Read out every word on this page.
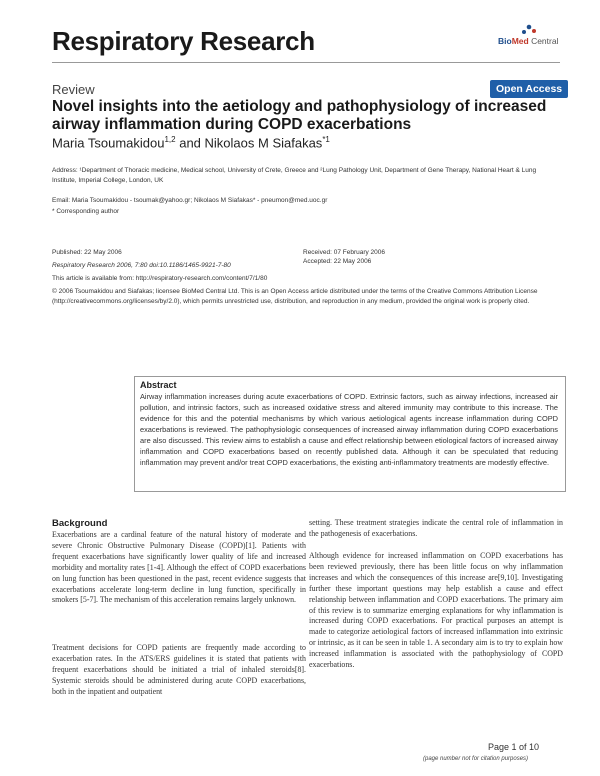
Respiratory Research	BioMed Central
Review	Open Access
Novel insights into the aetiology and pathophysiology of increased airway inflammation during COPD exacerbations
Maria Tsoumakidou$^{1,2}$ and Nikolaos M Siafakas$^{*1}$
Address: ¹Department of Thoracic medicine, Medical school, University of Crete, Greece and ²Lung Pathology Unit, Department of Gene Therapy, National Heart & Lung Institute, Imperial College, London, UK
Email: Maria Tsoumakidou - tsoumak@yahoo.gr; Nikolaos M Siafakas* - pneumon@med.uoc.gr
* Corresponding author
Published: 22 May 2006
Respiratory Research 2006, 7:80 doi:10.1186/1465-9921-7-80
This article is available from: http://respiratory-research.com/content/7/1/80
Received: 07 February 2006
Accepted: 22 May 2006
© 2006 Tsoumakidou and Siafakas; licensee BioMed Central Ltd. This is an Open Access article distributed under the terms of the Creative Commons Attribution License (http://creativecommons.org/licenses/by/2.0), which permits unrestricted use, distribution, and reproduction in any medium, provided the original work is properly cited.
Abstract
Airway inflammation increases during acute exacerbations of COPD. Extrinsic factors, such as airway infections, increased air pollution, and intrinsic factors, such as increased oxidative stress and altered immunity may contribute to this increase. The evidence for this and the potential mechanisms by which various aetiological agents increase inflammation during COPD exacerbations is reviewed. The pathophysiologic consequences of increased airway inflammation during COPD exacerbations are also discussed. This review aims to establish a cause and effect relationship between etiological factors of increased airway inflammation and COPD exacerbations based on recently published data. Although it can be speculated that reducing inflammation may prevent and/or treat COPD exacerbations, the existing anti-inflammatory treatments are modestly effective.
Background
Exacerbations are a cardinal feature of the natural history of moderate and severe Chronic Obstructive Pulmonary Disease (COPD)[1]. Patients with frequent exacerbations have significantly lower quality of life and increased morbidity and mortality rates [1-4]. Although the effect of COPD exacerbations on lung function has been questioned in the past, recent evidence suggests that exacerbations accelerate long-term decline in lung function, specifically in smokers [5-7]. The mechanism of this acceleration remains largely unknown.
Treatment decisions for COPD patients are frequently made according to exacerbation rates. In the ATS/ERS guidelines it is stated that patients with frequent exacerbations should be initiated a trial of inhaled steroids[8]. Systemic steroids should be administered during acute COPD exacerbations, both in the inpatient and outpatient
setting. These treatment strategies indicate the central role of inflammation in the pathogenesis of exacerbations.
Although evidence for increased inflammation on COPD exacerbations has been reviewed previously, there has been little focus on why inflammation increases and which the consequences of this increase are[9,10]. Investigating further these important questions may help establish a cause and effect relationship between inflammation and COPD exacerbations. The primary aim of this review is to summarize emerging explanations for why inflammation is increased during COPD exacerbations. For practical purposes an attempt is made to categorize aetiological factors of increased inflammation into extrinsic or intrinsic, as it can be seen in table 1. A secondary aim is to try to explain how increased inflammation is associated with the pathophysiology of COPD exacerbations.
Page 1 of 10
(page number not for citation purposes)
